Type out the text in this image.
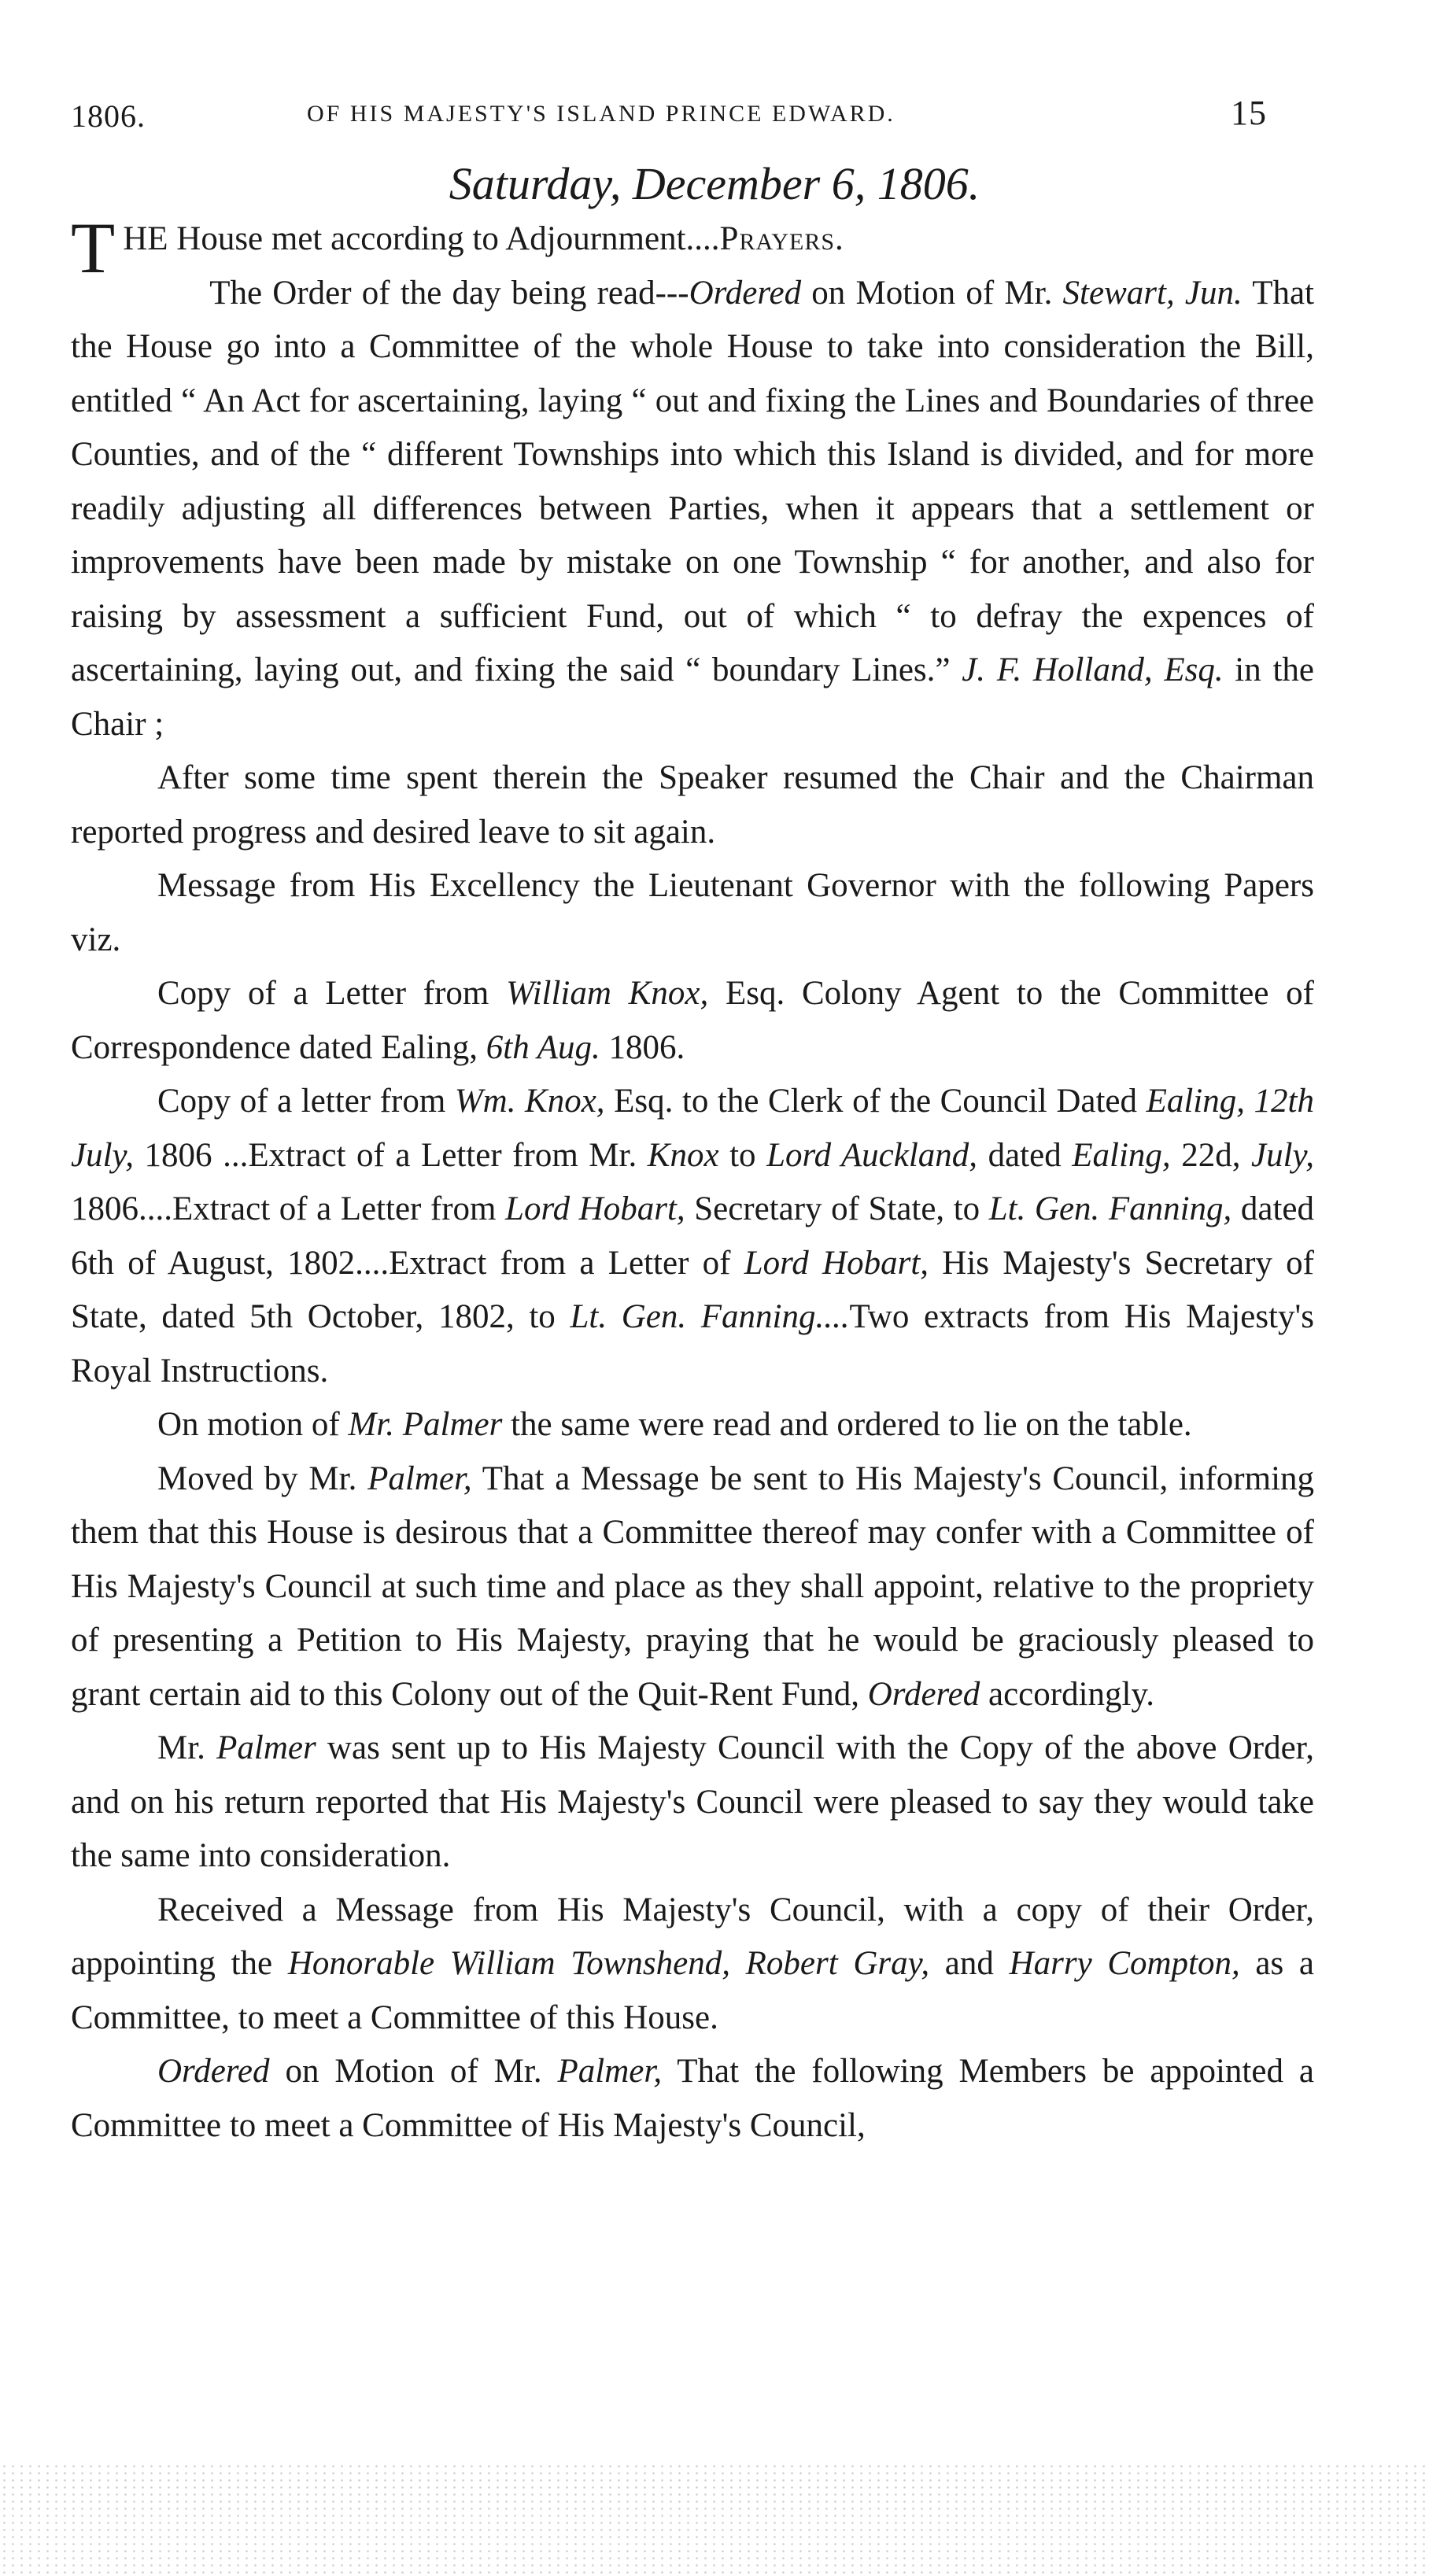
1806.	OF HIS MAJESTY'S ISLAND PRINCE EDWARD.	15
Saturday, December 6, 1806.

THE House met according to Adjournment....Prayers.

The Order of the day being read---Ordered on Motion of Mr. Stewart, Jun. That the House go into a Committee of the whole House to take into consideration the Bill, entitled “ An Act for ascertaining, laying “ out and fixing the Lines and Boundaries of three Counties, and of the “ different Townships into which this Island is divided, and for more readily adjusting all differences between Parties, when it appears that a settlement or improvements have been made by mistake on one Township “ for another, and also for raising by assessment a sufficient Fund, out of which “ to defray the expences of ascertaining, laying out, and fixing the said “ boundary Lines.” J. F. Holland, Esq. in the Chair ;

After some time spent therein the Speaker resumed the Chair and the Chairman reported progress and desired leave to sit again.

Message from His Excellency the Lieutenant Governor with the following Papers viz.

Copy of a Letter from William Knox, Esq. Colony Agent to the Committee of Correspondence dated Ealing, 6th Aug. 1806.

Copy of a letter from Wm. Knox, Esq. to the Clerk of the Council Dated Ealing, 12th July, 1806 ...Extract of a Letter from Mr. Knox to Lord Auckland, dated Ealing, 22d, July, 1806....Extract of a Letter from Lord Hobart, Secretary of State, to Lt. Gen. Fanning, dated 6th of August, 1802....Extract from a Letter of Lord Hobart, His Majesty's Secretary of State, dated 5th October, 1802, to Lt. Gen. Fanning....Two extracts from His Majesty's Royal Instructions.

On motion of Mr. Palmer the same were read and ordered to lie on the table.

Moved by Mr. Palmer, That a Message be sent to His Majesty's Council, informing them that this House is desirous that a Committee thereof may confer with a Committee of His Majesty's Council at such time and place as they shall appoint, relative to the propriety of presenting a Petition to His Majesty, praying that he would be graciously pleased to grant certain aid to this Colony out of the Quit-Rent Fund, Ordered accordingly.

Mr. Palmer was sent up to His Majesty Council with the Copy of the above Order, and on his return reported that His Majesty's Council were pleased to say they would take the same into consideration.

Received a Message from His Majesty's Council, with a copy of their Order, appointing the Honorable William Townshend, Robert Gray, and Harry Compton, as a Committee, to meet a Committee of this House.

Ordered on Motion of Mr. Palmer, That the following Members be appointed a Committee to meet a Committee of His Majesty's Council,
